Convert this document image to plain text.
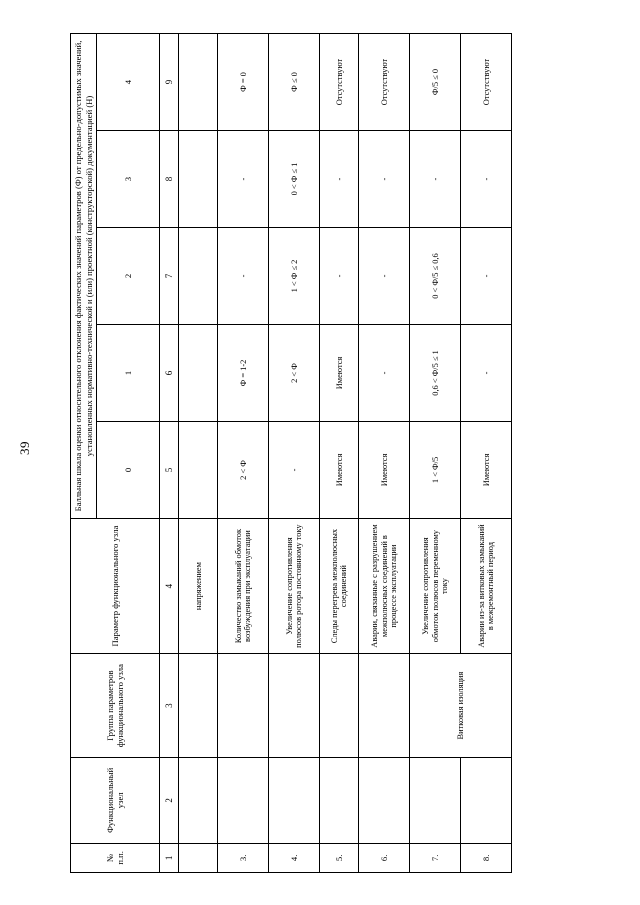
39
№ п.п.	Функциональный узел	Группа параметров функционального узла	Параметр функционального узла	Балльная шкала оценки относительного отклонения фактических значений параметров (Ф) от предельно-допустимых значений, установленных нормативно-технической и (или) проектной (конструкторской) документацией (Н)				
				0	1	2	3	4
1	2	3	4	5	6	7	8	9
			напряжением					
3.			Количество замыканий обмоток возбуждения при эксплуатации	2 < Ф	Ф = 1-2	-	-	Ф = 0
4.			Увеличение сопротивления полюсов ротора постоянному току	-	2 < Ф	1 < Ф ≤ 2	0 < Ф ≤ 1	Ф ≤ 0
5.			Следы перегрева межполюсных соединений	Имеются	Имеются	-	-	Отсутствуют
6.			Аварии, связанные с разрушением межполюсных соединений в процессе эксплуатации	Имеются	-	-	-	Отсутствуют
7.		Витковая изоляция	Увеличение сопротивления обмоток полюсов переменному току	1 < Ф/5	0,6 < Ф/5 ≤ 1	0 < Ф/5 ≤ 0,6	-	Ф/5 ≤ 0
8.			Аварии из-за витковых замыканий в межремонтный период	Имеются	-	-	-	Отсутствуют
